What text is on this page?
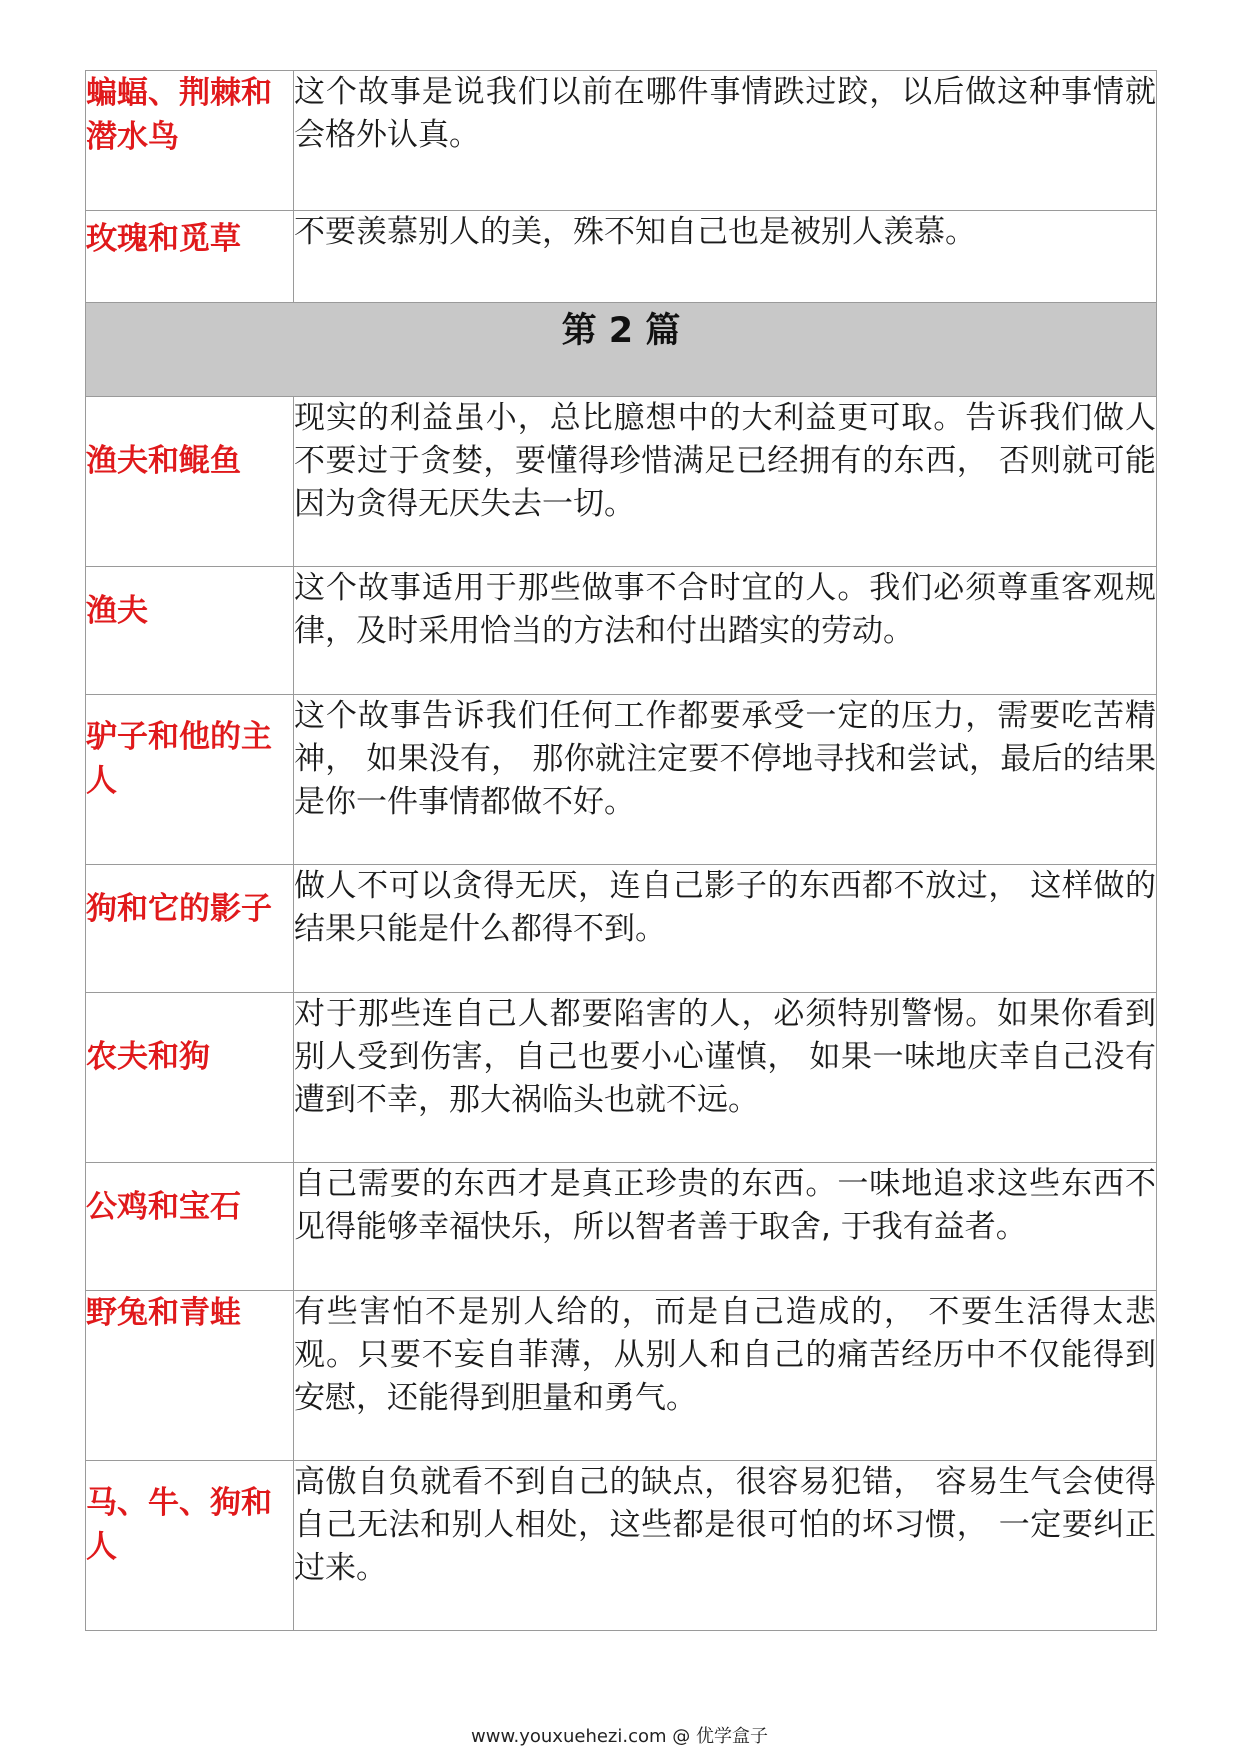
蝙蝠、荆棘和潜水鸟	这个故事是说我们以前在哪件事情跌过跤，以后做这种事情就会格外认真。
玫瑰和觅草	不要羡慕别人的美，殊不知自己也是被别人羡慕。
第 2 篇	
渔夫和鲲鱼	现实的利益虽小，总比臆想中的大利益更可取。告诉我们做人不要过于贪婪，要懂得珍惜满足已经拥有的东西， 否则就可能因为贪得无厌失去一切。
渔夫	这个故事适用于那些做事不合时宜的人。我们必须尊重客观规律，及时采用恰当的方法和付出踏实的劳动。
驴子和他的主人	这个故事告诉我们任何工作都要承受一定的压力，需要吃苦精神， 如果没有， 那你就注定要不停地寻找和尝试，最后的结果是你一件事情都做不好。
狗和它的影子	做人不可以贪得无厌，连自己影子的东西都不放过， 这样做的结果只能是什么都得不到。
农夫和狗	对于那些连自己人都要陷害的人，必须特别警惕。如果你看到别人受到伤害，自己也要小心谨慎， 如果一味地庆幸自己没有遭到不幸，那大祸临头也就不远。
公鸡和宝石	自己需要的东西才是真正珍贵的东西。一味地追求这些东西不见得能够幸福快乐，所以智者善于取舍, 于我有益者。
野兔和青蛙	有些害怕不是别人给的，而是自己造成的， 不要生活得太悲观。只要不妄自菲薄，从别人和自己的痛苦经历中不仅能得到安慰，还能得到胆量和勇气。
马、牛、狗和人	高傲自负就看不到自己的缺点，很容易犯错， 容易生气会使得自己无法和别人相处，这些都是很可怕的坏习惯， 一定要纠正过来。
www.youxuehezi.com @ 优学盒子
